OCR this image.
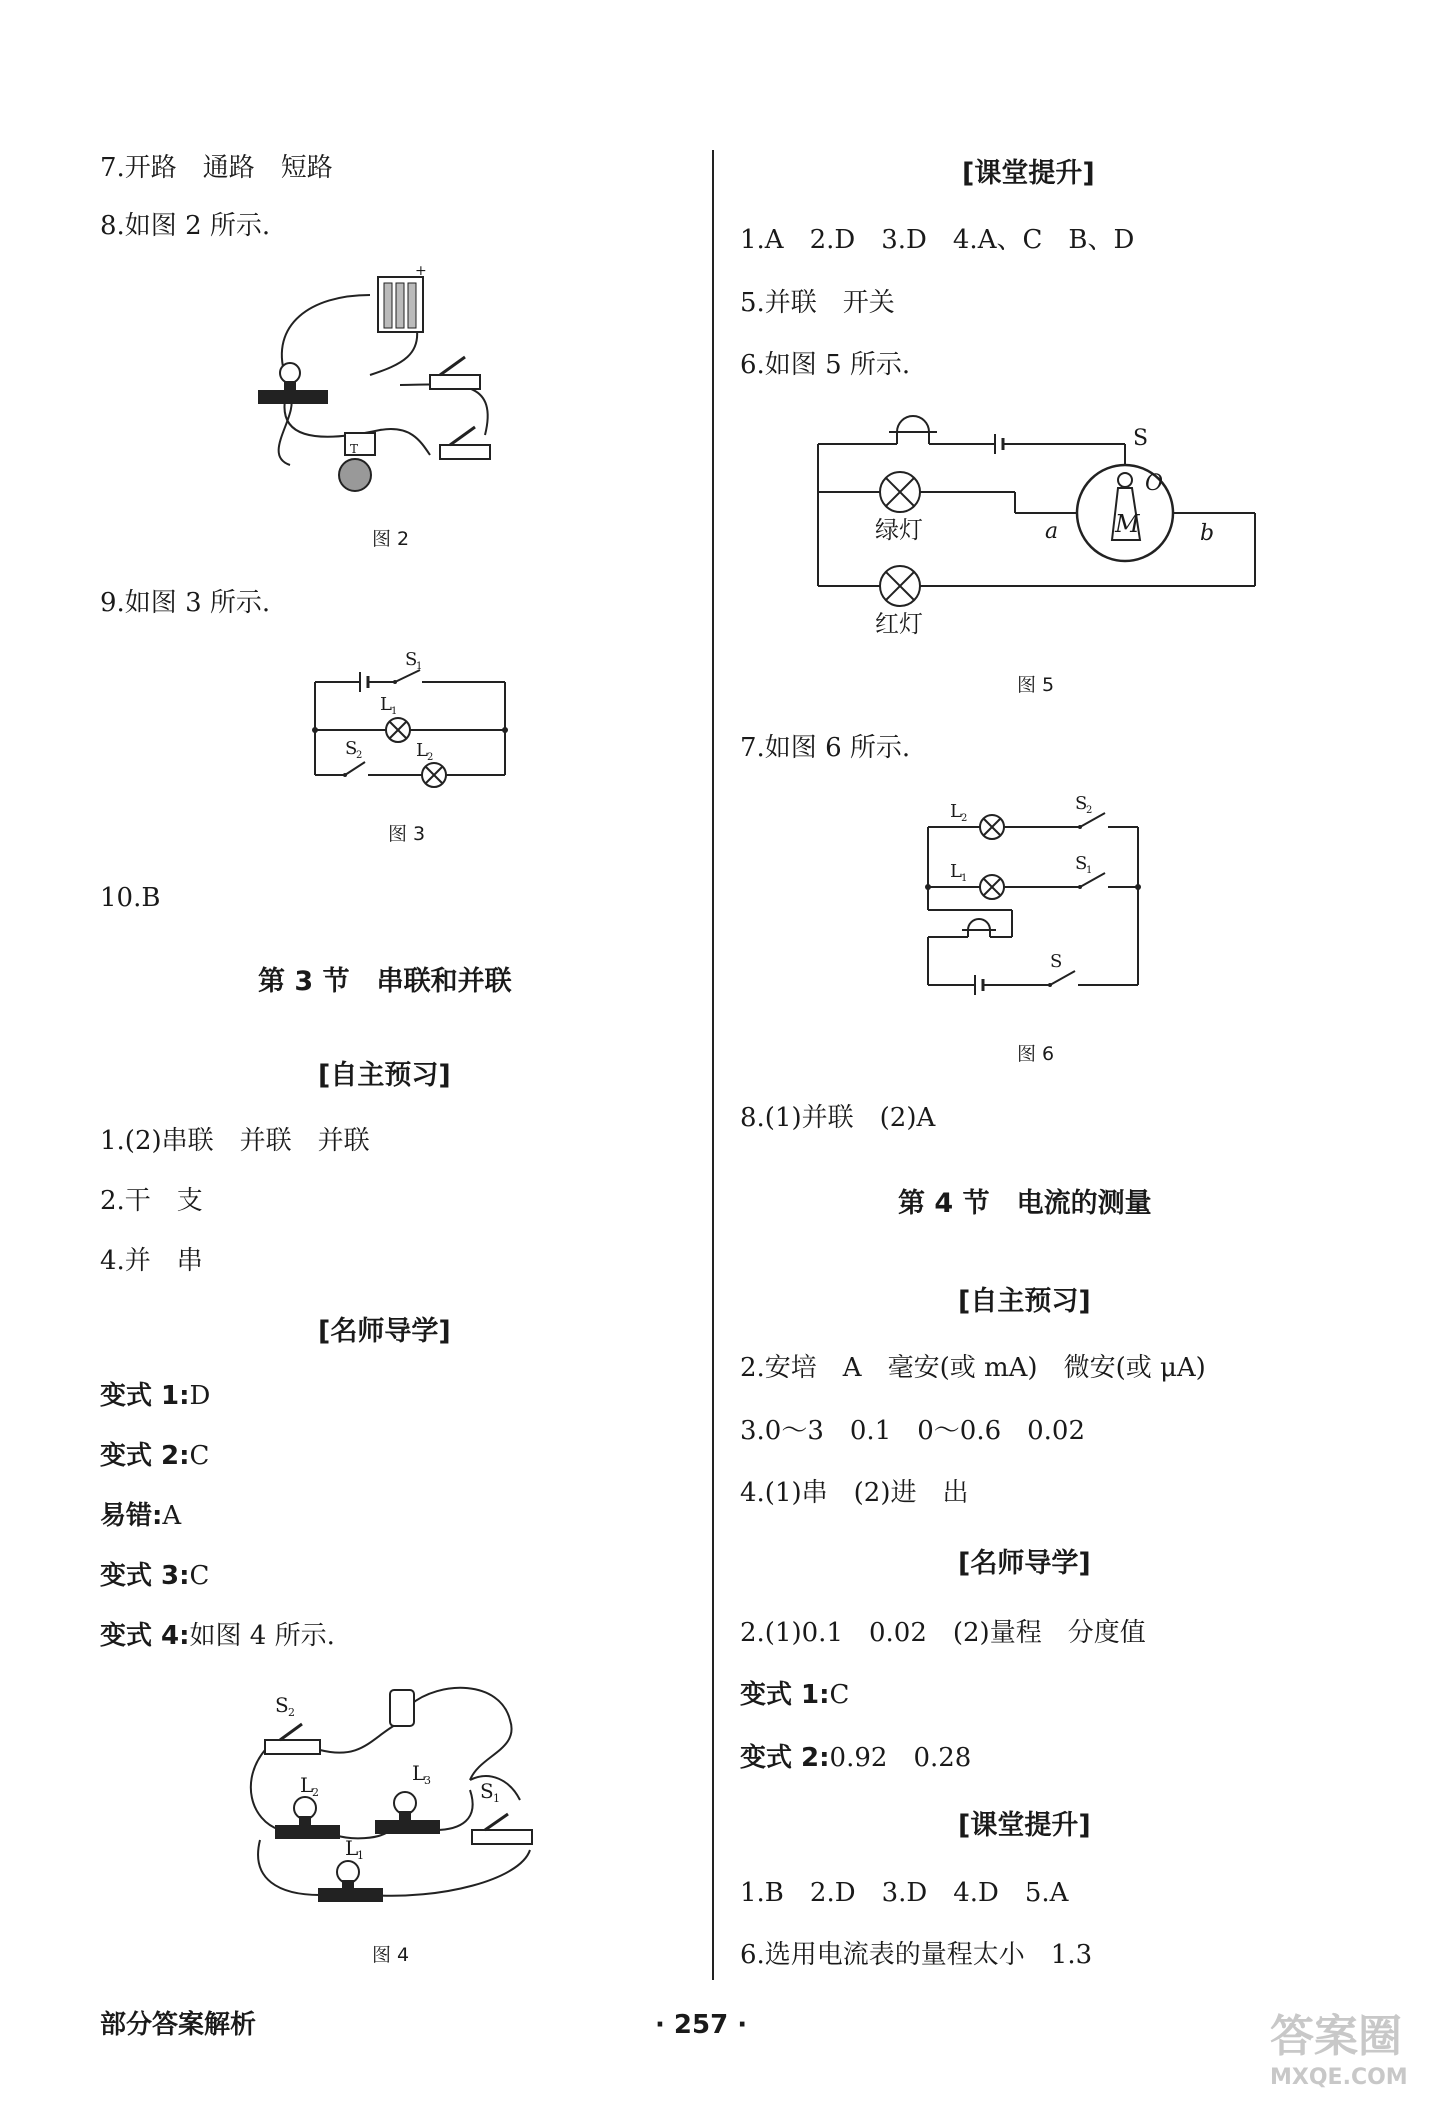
7.开路　通路　短路
8.如图 2 所示.
+
T
图 2
9.如图 3 所示.
S
1
L 1
S
2	L 2
图 3
10.B
第 3 节　串联和并联
[自主预习]
1.(2)串联　并联　并联
2.干　支
4.并　串
[名师导学]
变式 1:D
变式 2:C
易错:A
变式 3:C
变式 4:如图 4 所示.
S 2
L
2
L
3 S 1
L
1
图 4
[课堂提升]
1.A　2.D　3.D　4.A、C　B、D
5.并联　开关
6.如图 5 所示.
S
绿灯	a M
O
b
红灯
图 5
7.如图 6 所示.
L 2
S
2
L 1
S
1
S
图 6
8.(1)并联　(2)A
第 4 节　电流的测量
[自主预习]
2.安培　A　毫安(或 mA)　微安(或 μA)
3.0～3　0.1　0～0.6　0.02
4.(1)串　(2)进　出
[名师导学]
2.(1)0.1　0.02　(2)量程　分度值
变式 1:C
变式 2:0.92　0.28
[课堂提升]
1.B　2.D　3.D　4.D　5.A
6.选用电流表的量程太小　1.3
部分答案解析	· 257 ·	答案圈
MXQE.COM
